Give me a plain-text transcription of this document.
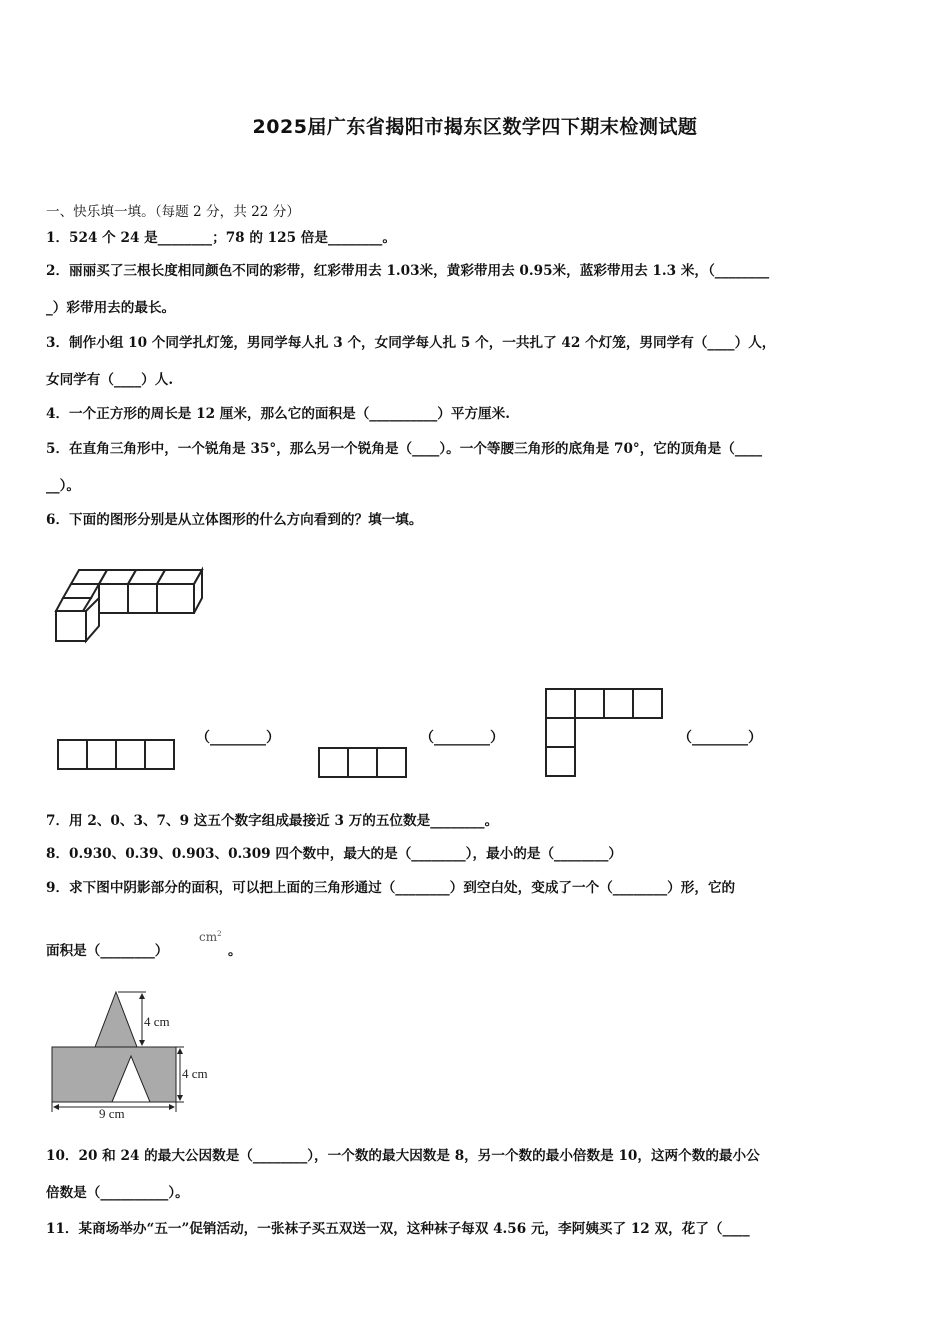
2025届广东省揭阳市揭东区数学四下期末检测试题
一、快乐填一填。（每题 2 分，共 22 分）
1．524 个 24 是________；78 的 125 倍是________。
2．丽丽买了三根长度相同颜色不同的彩带，红彩带用去 1.03米，黄彩带用去 0.95米，蓝彩带用去 1.3 米，（________
_）彩带用去的最长。
3．制作小组 10 个同学扎灯笼，男同学每人扎 3 个，女同学每人扎 5 个，一共扎了 42 个灯笼，男同学有（____）人，
女同学有（____）人.
4．一个正方形的周长是 12 厘米，那么它的面积是（__________）平方厘米.
5．在直角三角形中，一个锐角是 35°，那么另一个锐角是（____）。一个等腰三角形的底角是 70°，它的顶角是（____
__）。
6．下面的图形分别是从立体图形的什么方向看到的？填一填。
（________）	（________）	（________）
7．用 2、0、3、7、9 这五个数字组成最接近 3 万的五位数是________。
8．0.930、0.39、0.903、0.309 四个数中，最大的是（________），最小的是（________）
9．求下图中阴影部分的面积，可以把上面的三角形通过（________）到空白处，变成了一个（________）形，它的
面积是（________）
$cm^2$
。
4 cm
4 cm
9 cm
10．20 和 24 的最大公因数是（________），一个数的最大因数是 8，另一个数的最小倍数是 10，这两个数的最小公
倍数是（__________）。
11．某商场举办“五一”促销活动，一张袜子买五双送一双，这种袜子每双 4.56 元，李阿姨买了 12 双，花了（____
